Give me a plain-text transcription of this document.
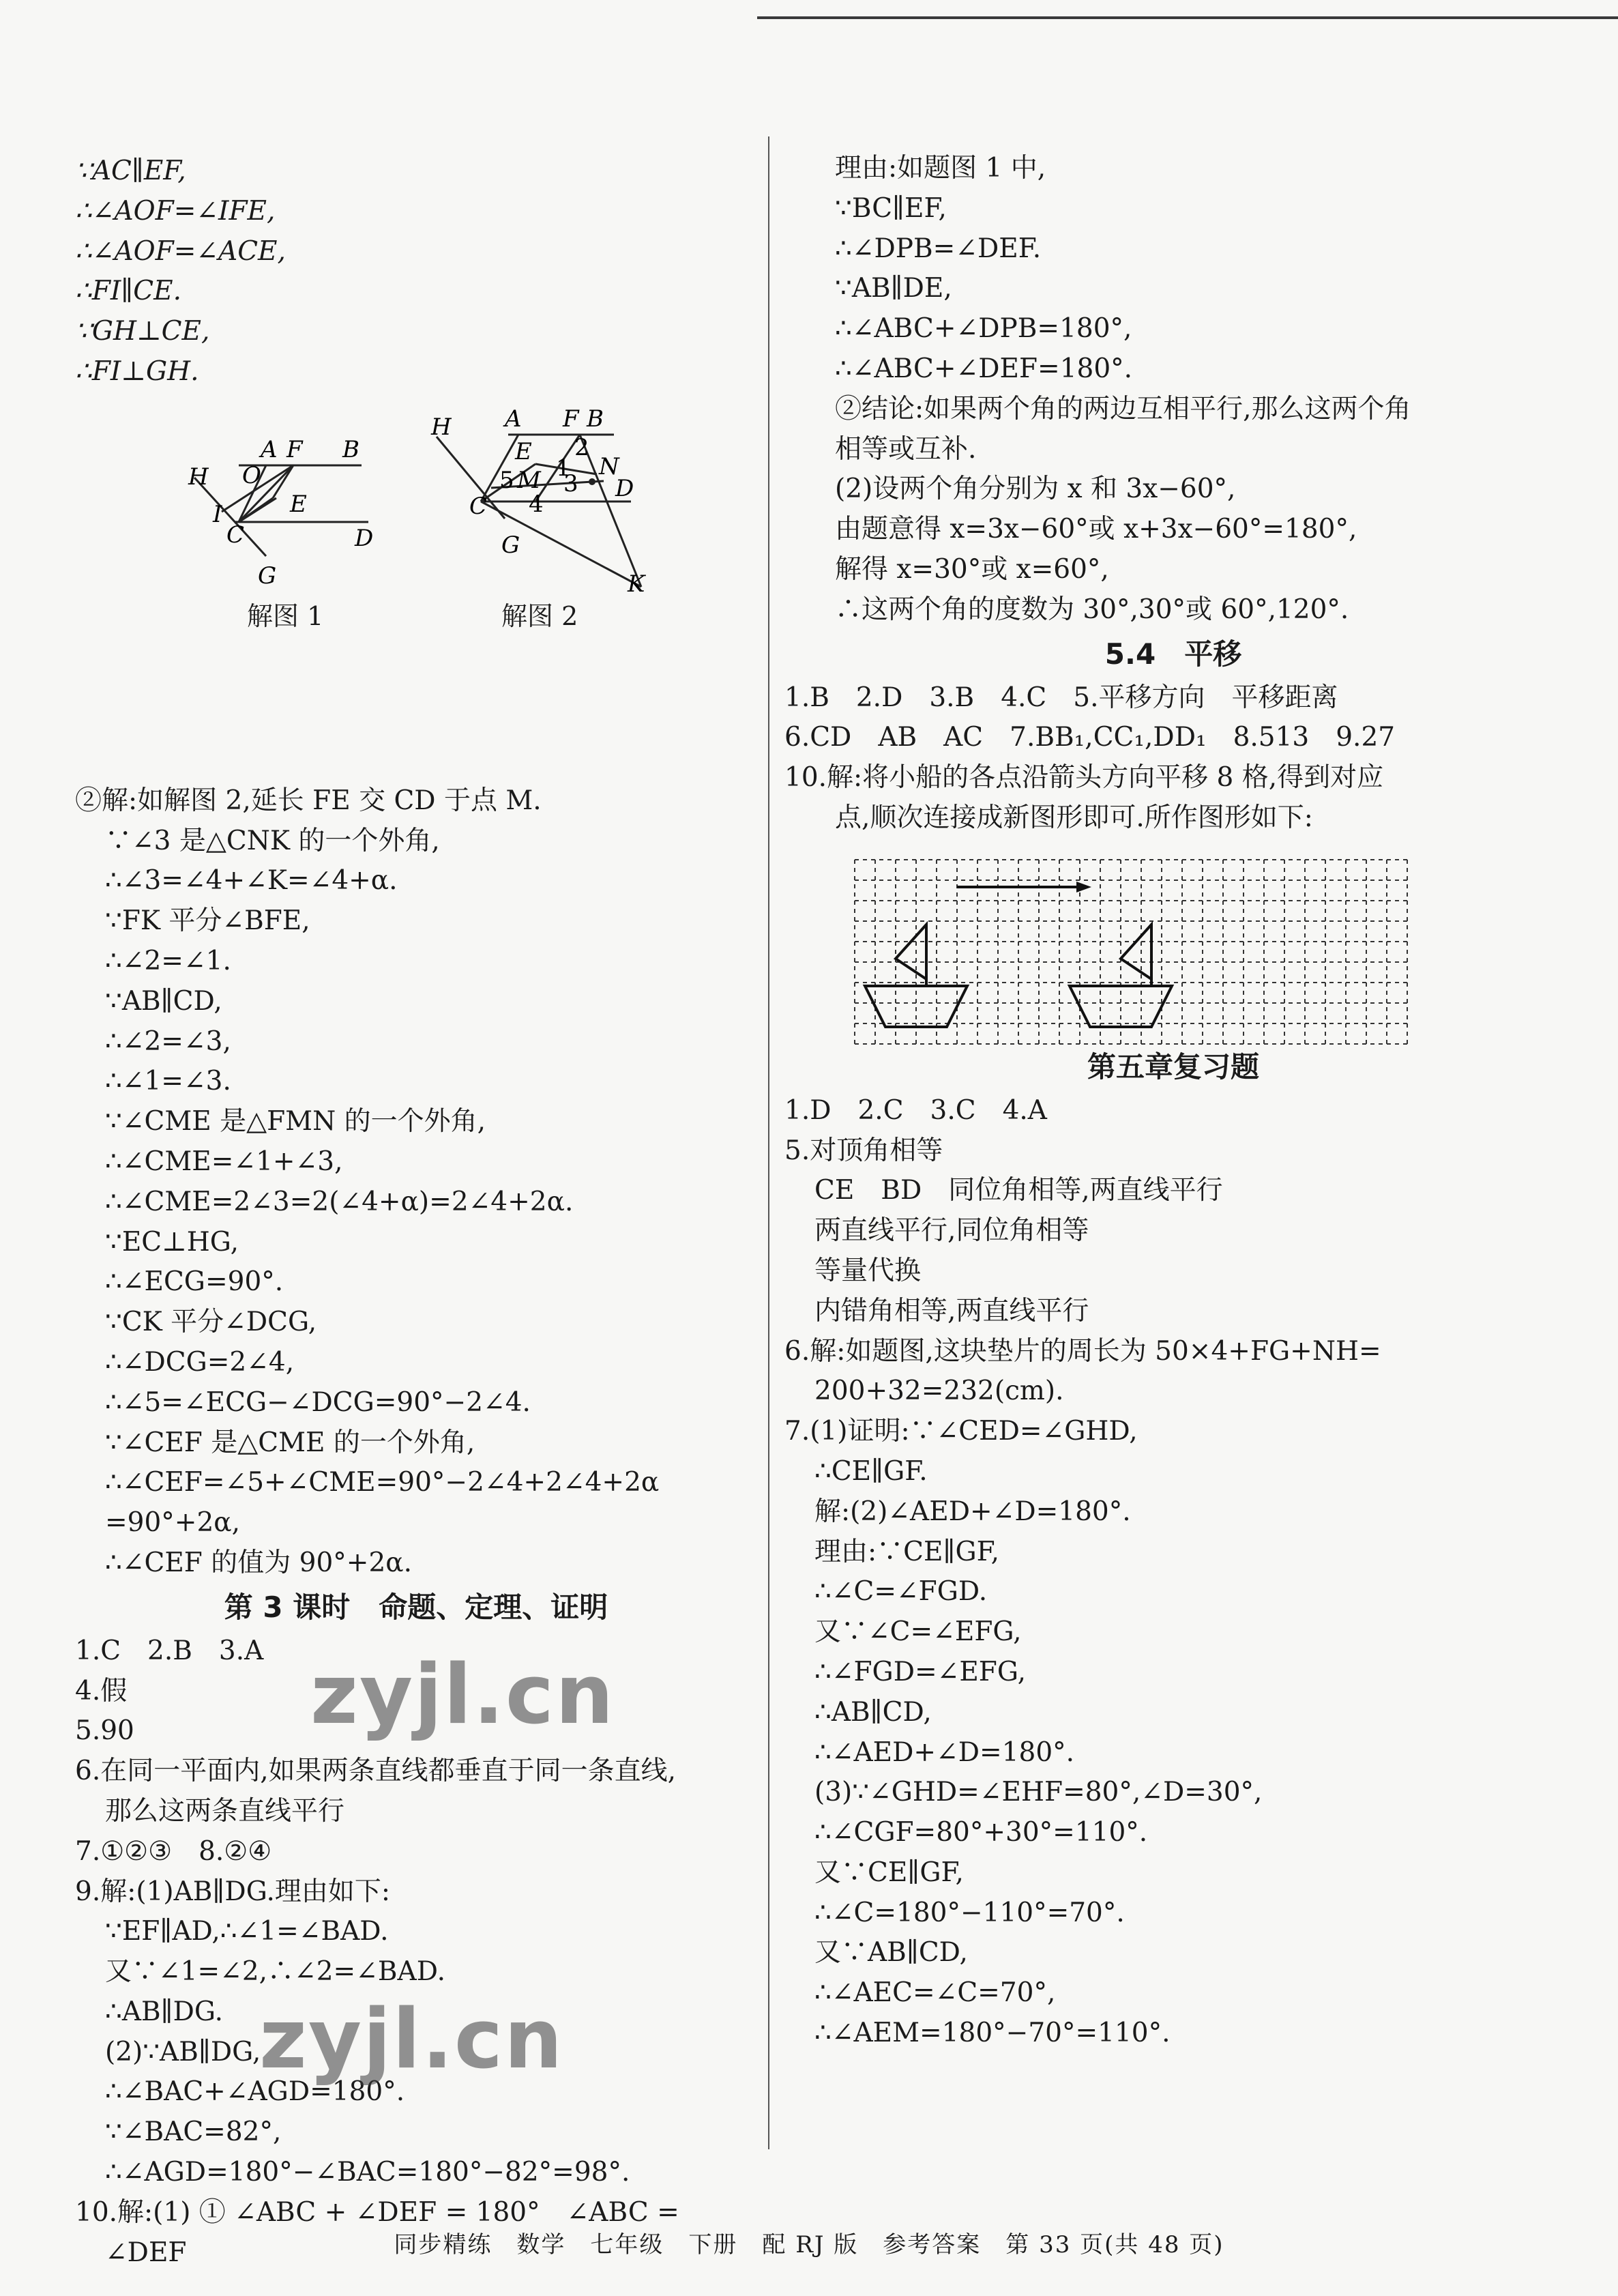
∵AC∥EF,
∴∠AOF=∠IFE,
∴∠AOF=∠ACE,
∴FI∥CE.
∵GH⊥CE,
∴FI⊥GH.
②解:如解图 2,延长 FE 交 CD 于点 M.
∵∠3 是△CNK 的一个外角,
∴∠3=∠4+∠K=∠4+α.
∵FK 平分∠BFE,
∴∠2=∠1.
∵AB∥CD,
∴∠2=∠3,
∴∠1=∠3.
∵∠CME 是△FMN 的一个外角,
∴∠CME=∠1+∠3,
∴∠CME=2∠3=2(∠4+α)=2∠4+2α.
∵EC⊥HG,
∴∠ECG=90°.
∵CK 平分∠DCG,
∴∠DCG=2∠4,
∴∠5=∠ECG−∠DCG=90°−2∠4.
∵∠CEF 是△CME 的一个外角,
∴∠CEF=∠5+∠CME=90°−2∠4+2∠4+2α
=90°+2α,
∴∠CEF 的值为 90°+2α.
第 3 课时　命题、定理、证明
1.C　2.B　3.A
4.假
5.90
6.在同一平面内,如果两条直线都垂直于同一条直线,
那么这两条直线平行
7.①②③　8.②④
9.解:(1)AB∥DG.理由如下:
∵EF∥AD,∴∠1=∠BAD.
又∵∠1=∠2,∴∠2=∠BAD.
∴AB∥DG.
(2)∵AB∥DG,
∴∠BAC+∠AGD=180°.
∵∠BAC=82°,
∴∠AGD=180°−∠BAC=180°−82°=98°.
10.解:(1) ① ∠ABC + ∠DEF = 180°　∠ABC =
∠DEF
A F B
H O
I	E
C	D
G
解图 1
A F B
H
E 2
1
5 M 3
N
D
C 4
G
K
解图 2
理由:如题图 1 中,
∵BC∥EF,
∴∠DPB=∠DEF.
∵AB∥DE,
∴∠ABC+∠DPB=180°,
∴∠ABC+∠DEF=180°.
②结论:如果两个角的两边互相平行,那么这两个角
相等或互补.
(2)设两个角分别为 x 和 3x−60°,
由题意得 x=3x−60°或 x+3x−60°=180°,
解得 x=30°或 x=60°,
∴这两个角的度数为 30°,30°或 60°,120°.
5.4　平移
1.B　2.D　3.B　4.C　5.平移方向　平移距离
6.CD　AB　AC　7.BB₁,CC₁,DD₁　8.513　9.27
10.解:将小船的各点沿箭头方向平移 8 格,得到对应
点,顺次连接成新图形即可.所作图形如下:
第五章复习题
1.D　2.C　3.C　4.A
5.对顶角相等
CE　BD　同位角相等,两直线平行
两直线平行,同位角相等
等量代换
内错角相等,两直线平行
6.解:如题图,这块垫片的周长为 50×4+FG+NH=
200+32=232(cm).
7.(1)证明:∵∠CED=∠GHD,
∴CE∥GF.
解:(2)∠AED+∠D=180°.
理由:∵CE∥GF,
∴∠C=∠FGD.
又∵∠C=∠EFG,
∴∠FGD=∠EFG,
∴AB∥CD,
∴∠AED+∠D=180°.
(3)∵∠GHD=∠EHF=80°,∠D=30°,
∴∠CGF=80°+30°=110°.
又∵CE∥GF,
∴∠C=180°−110°=70°.
又∵AB∥CD,
∴∠AEC=∠C=70°,
∴∠AEM=180°−70°=110°.
zyjl.cn
zyjl.cn
同步精练　数学　七年级　下册　配 RJ 版　参考答案　第 33 页(共 48 页)
